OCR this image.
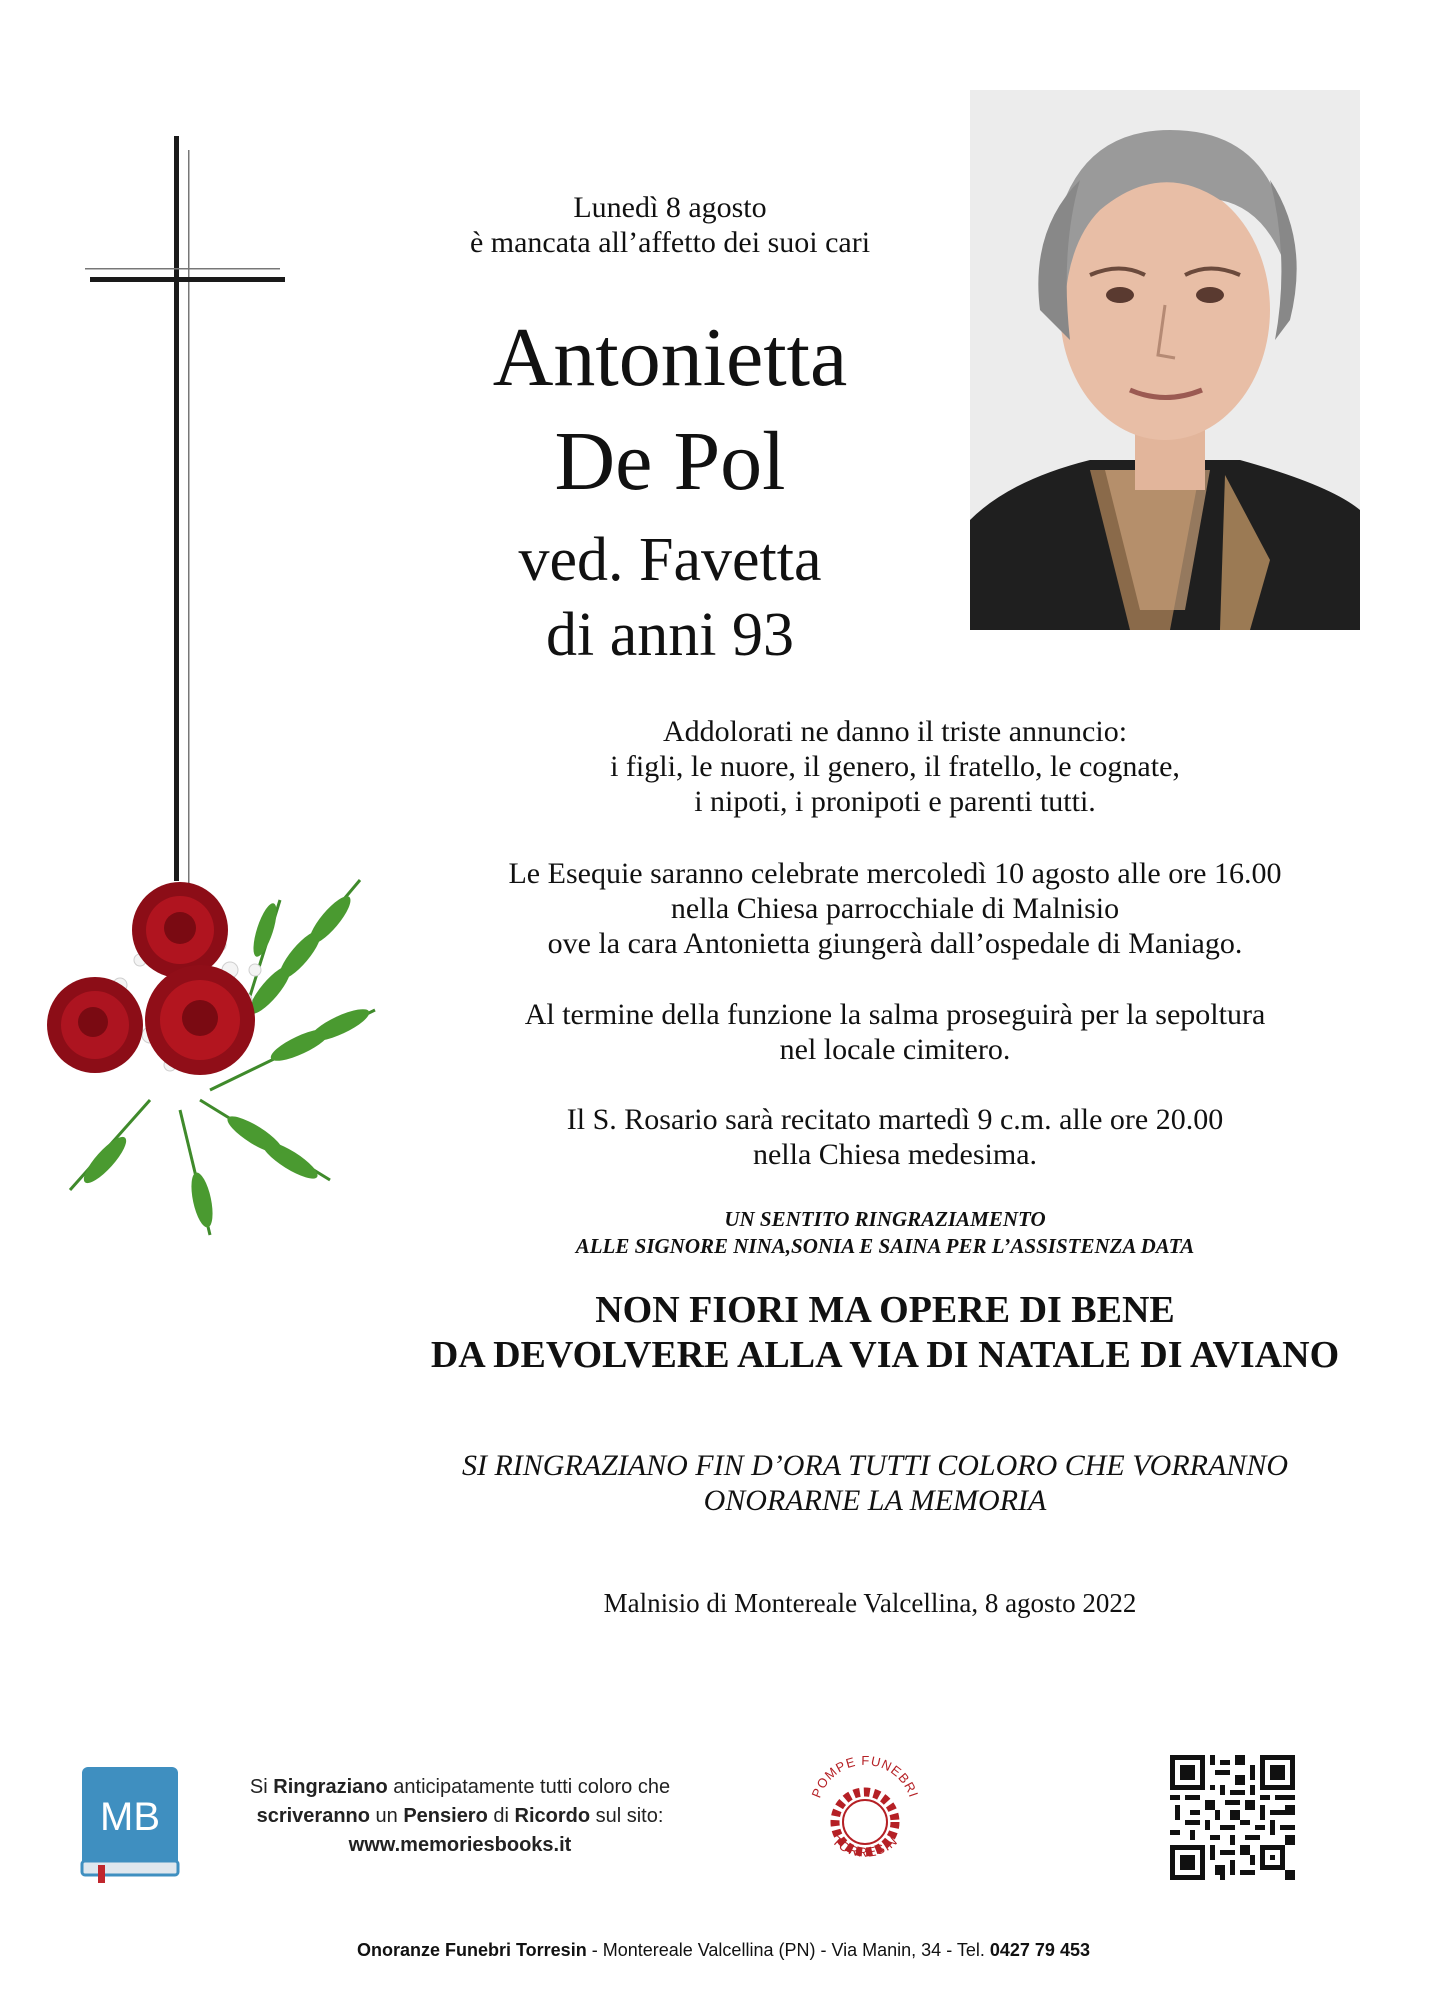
Lunedì 8 agosto
è mancata all’affetto dei suoi cari
Antonietta
De Pol
ved. Favetta
di anni 93
Addolorati ne danno il triste annuncio:
i figli, le nuore, il genero, il fratello, le cognate,
i nipoti, i pronipoti e parenti tutti.
Le Esequie saranno celebrate mercoledì 10 agosto alle ore 16.00
nella Chiesa parrocchiale di Malnisio
ove la cara Antonietta giungerà dall’ospedale di Maniago.
Al termine della funzione la salma proseguirà per la sepoltura
nel locale cimitero.
Il S. Rosario sarà recitato martedì 9 c.m. alle ore 20.00
nella Chiesa medesima.
UN SENTITO RINGRAZIAMENTO
ALLE SIGNORE NINA,SONIA E SAINA PER L’ASSISTENZA DATA
NON FIORI MA OPERE DI BENE
DA DEVOLVERE ALLA VIA DI NATALE DI AVIANO
SI RINGRAZIANO FIN D’ORA TUTTI COLORO CHE VORRANNO
ONORARNE LA MEMORIA
Malnisio di Montereale Valcellina, 8 agosto 2022
MB
Si Ringraziano anticipatamente tutti coloro che
scriveranno un Pensiero di Ricordo sul sito:
www.memoriesbooks.it
POMPE FUNEBRI
TORRESIN
Onoranze Funebri Torresin - Montereale Valcellina (PN) - Via Manin, 34 - Tel. 0427 79 453
